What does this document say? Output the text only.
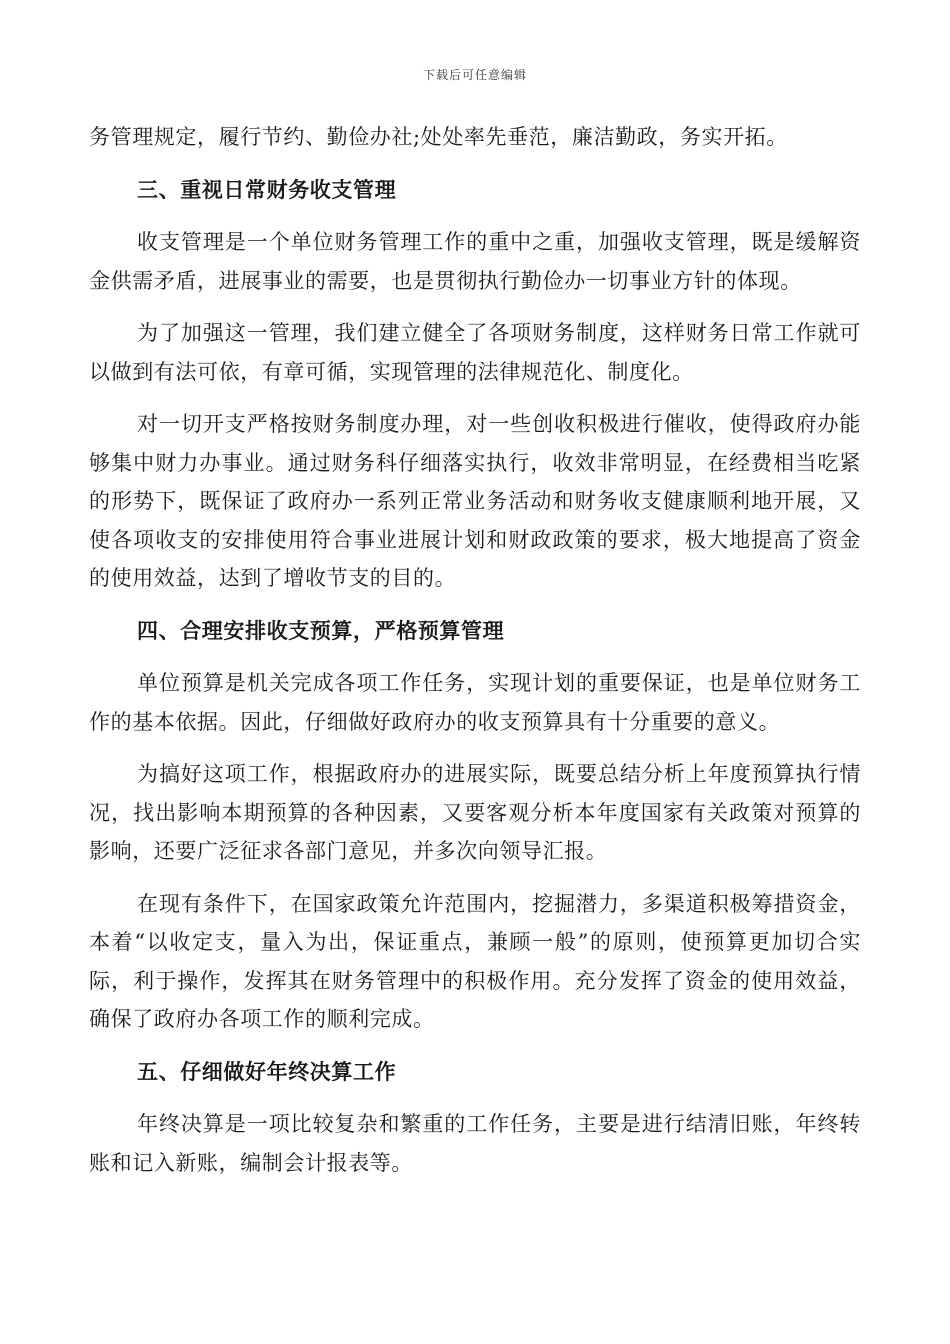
下载后可任意编辑

务管理规定，履行节约、勤俭办社;处处率先垂范，廉洁勤政，务实开拓。

三、重视日常财务收支管理

收支管理是一个单位财务管理工作的重中之重，加强收支管理，既是缓解资金供需矛盾，进展事业的需要，也是贯彻执行勤俭办一切事业方针的体现。

为了加强这一管理，我们建立健全了各项财务制度，这样财务日常工作就可以做到有法可依，有章可循，实现管理的法律规范化、制度化。

对一切开支严格按财务制度办理，对一些创收积极进行催收，使得政府办能够集中财力办事业。通过财务科仔细落实执行，收效非常明显，在经费相当吃紧的形势下，既保证了政府办一系列正常业务活动和财务收支健康顺利地开展，又使各项收支的安排使用符合事业进展计划和财政政策的要求，极大地提高了资金的使用效益，达到了增收节支的目的。

四、合理安排收支预算，严格预算管理

单位预算是机关完成各项工作任务，实现计划的重要保证，也是单位财务工作的基本依据。因此，仔细做好政府办的收支预算具有十分重要的意义。

为搞好这项工作，根据政府办的进展实际，既要总结分析上年度预算执行情况，找出影响本期预算的各种因素，又要客观分析本年度国家有关政策对预算的影响，还要广泛征求各部门意见，并多次向领导汇报。

在现有条件下，在国家政策允许范围内，挖掘潜力，多渠道积极筹措资金，本着“以收定支，量入为出，保证重点，兼顾一般”的原则，使预算更加切合实际，利于操作，发挥其在财务管理中的积极作用。充分发挥了资金的使用效益，确保了政府办各项工作的顺利完成。

五、仔细做好年终决算工作

年终决算是一项比较复杂和繁重的工作任务，主要是进行结清旧账，年终转账和记入新账，编制会计报表等。
